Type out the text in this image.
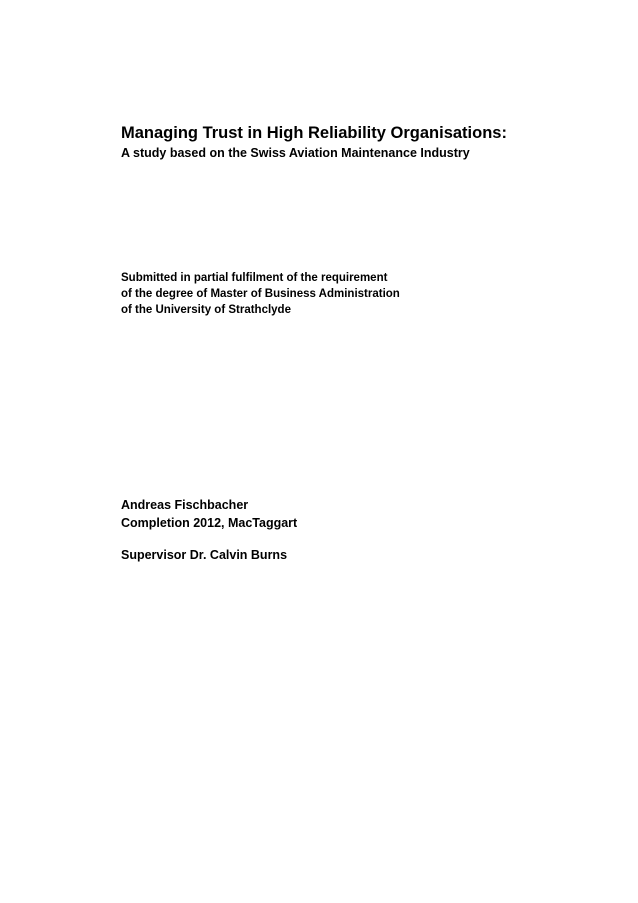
Managing Trust in High Reliability Organisations:

A study based on the Swiss Aviation Maintenance Industry

Submitted in partial fulfilment of the requirement

of the degree of Master of Business Administration

of the University of Strathclyde

Andreas Fischbacher

Completion 2012, MacTaggart

Supervisor Dr. Calvin Burns
